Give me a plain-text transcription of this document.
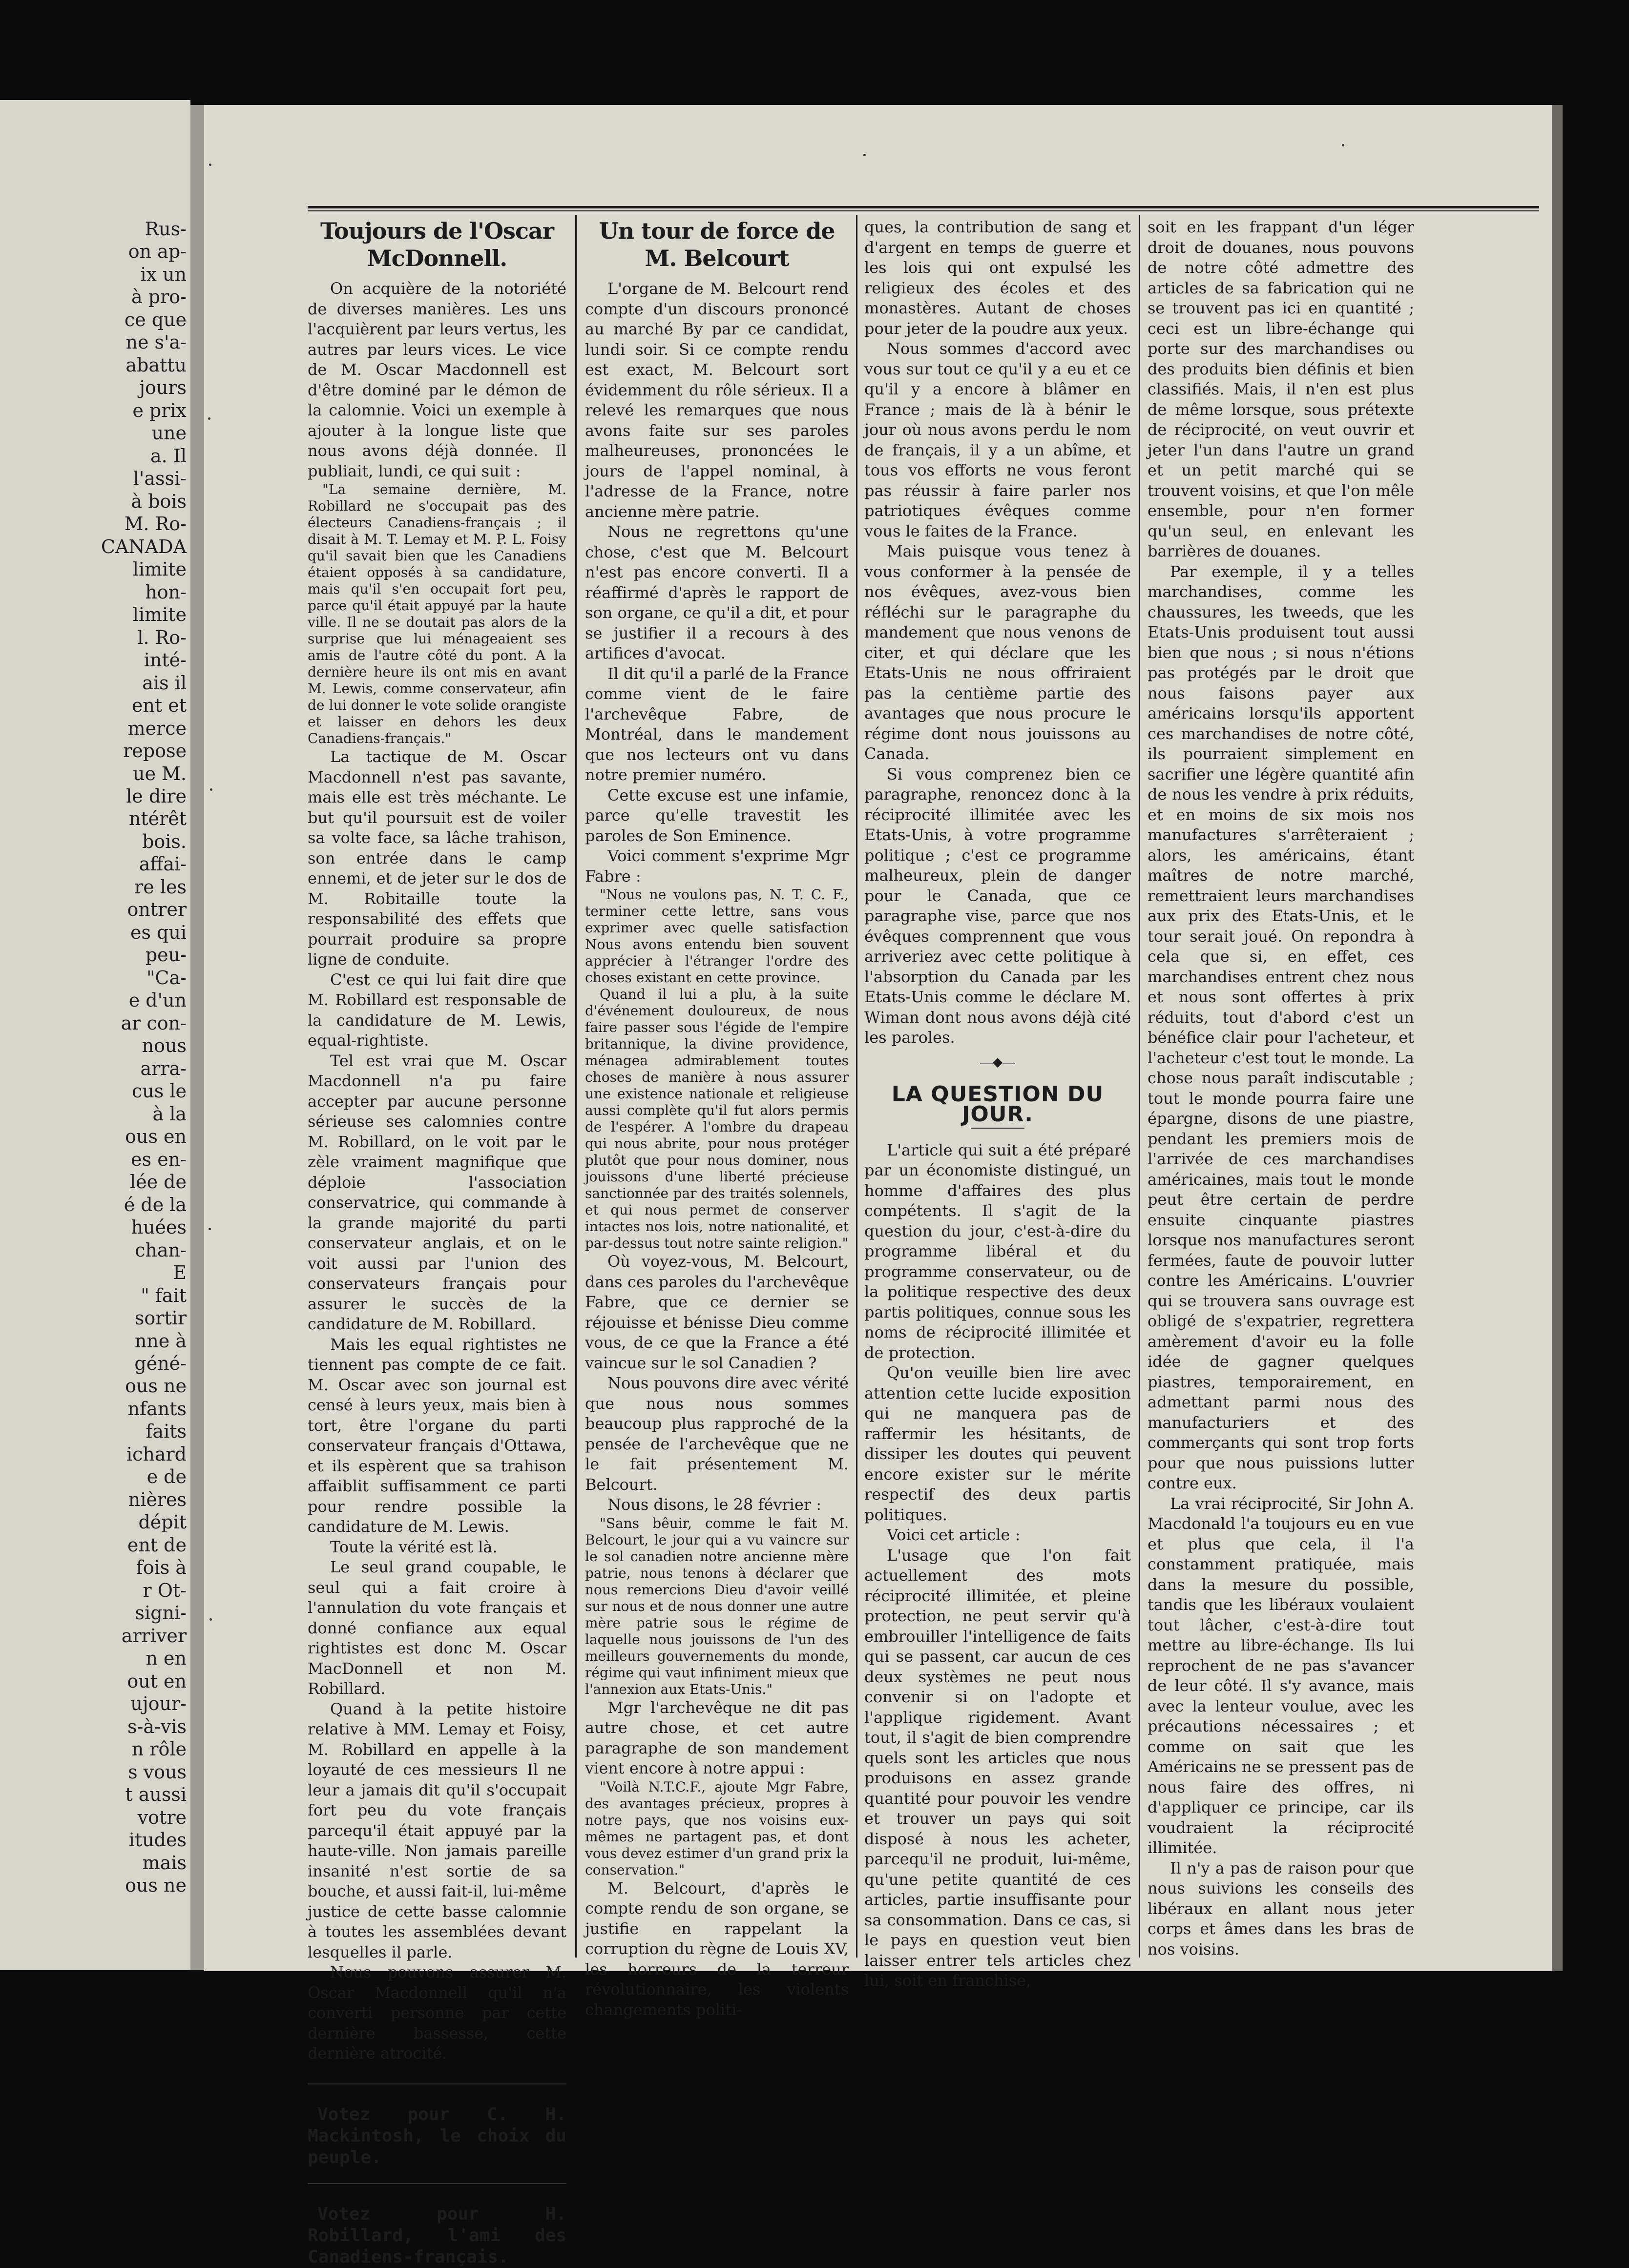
Rus-
on ap-
ix un
à pro-
ce que
ne s'a-
abattu
jours
e prix
une
a. Il
l'assi-
à bois
M. Ro-
CANADA
limite
hon-
limite
l. Ro-
inté-
ais il
ent et
merce
repose
ue M.
le dire
ntérêt
bois.
affai-
re les
ontrer
es qui
peu-
"Ca-
e d'un
ar con-
nous
arra-
cus le
à la
ous en
es en-
lée de
é de la
huées
chan-
E
" fait
sortir
nne à
géné-
ous ne
nfants
faits
ichard
e de
nières
dépit
ent de
fois à
r Ot-
signi-
arriver
n en
out en
ujour-
s-à-vis
n rôle
s vous
t aussi
votre
itudes
mais
ous ne
Toujours de l'Oscar McDonnell.

On acquière de la notoriété de diverses manières. Les uns l'acquièrent par leurs vertus, les autres par leurs vices. Le vice de M. Oscar Macdonnell est d'être dominé par le démon de la calomnie. Voici un exemple à ajouter à la longue liste que nous avons déjà donnée. Il publiait, lundi, ce qui suit :

"La semaine dernière, M. Robillard ne s'occupait pas des électeurs Canadiens-français ; il disait à M. T. Lemay et M. P. L. Foisy qu'il savait bien que les Canadiens étaient opposés à sa candidature, mais qu'il s'en occupait fort peu, parce qu'il était appuyé par la haute ville. Il ne se doutait pas alors de la surprise que lui ménageaient ses amis de l'autre côté du pont. A la dernière heure ils ont mis en avant M. Lewis, comme conservateur, afin de lui donner le vote solide orangiste et laisser en dehors les deux Canadiens-français."

La tactique de M. Oscar Macdonnell n'est pas savante, mais elle est très méchante. Le but qu'il poursuit est de voiler sa volte face, sa lâche trahison, son entrée dans le camp ennemi, et de jeter sur le dos de M. Robitaille toute la responsabilité des effets que pourrait produire sa propre ligne de conduite.

C'est ce qui lui fait dire que M. Robillard est responsable de la candidature de M. Lewis, equal-rightiste.

Tel est vrai que M. Oscar Macdonnell n'a pu faire accepter par aucune personne sérieuse ses calomnies contre M. Robillard, on le voit par le zèle vraiment magnifique que déploie l'association conservatrice, qui commande à la grande majorité du parti conservateur anglais, et on le voit aussi par l'union des conservateurs français pour assurer le succès de la candidature de M. Robillard.

Mais les equal rightistes ne tiennent pas compte de ce fait. M. Oscar avec son journal est censé à leurs yeux, mais bien à tort, être l'organe du parti conservateur français d'Ottawa, et ils espèrent que sa trahison affaiblit suffisamment ce parti pour rendre possible la candidature de M. Lewis.

Toute la vérité est là.

Le seul grand coupable, le seul qui a fait croire à l'annulation du vote français et donné confiance aux equal rightistes est donc M. Oscar MacDonnell et non M. Robillard.

Quand à la petite histoire relative à MM. Lemay et Foisy, M. Robillard en appelle à la loyauté de ces messieurs Il ne leur a jamais dit qu'il s'occupait fort peu du vote français parcequ'il était appuyé par la haute-ville. Non jamais pareille insanité n'est sortie de sa bouche, et aussi fait-il, lui-même justice de cette basse calomnie à toutes les assemblées devant lesquelles il parle.

Nous pouvons assurer M. Oscar Macdonnell qu'il n'a converti personne par cette dernière bassesse, cette dernière atrocité.

Votez pour C. H. Mackintosh, le choix du peuple.

Votez pour H. Robillard, l'ami des Canadiens-français.

Un tour de force de M. Belcourt

L'organe de M. Belcourt rend compte d'un discours prononcé au marché By par ce candidat, lundi soir. Si ce compte rendu est exact, M. Belcourt sort évidemment du rôle sérieux. Il a relevé les remarques que nous avons faite sur ses paroles malheureuses, prononcées le jours de l'appel nominal, à l'adresse de la France, notre ancienne mère patrie.

Nous ne regrettons qu'une chose, c'est que M. Belcourt n'est pas encore converti. Il a réaffirmé d'après le rapport de son organe, ce qu'il a dit, et pour se justifier il a recours à des artifices d'avocat.

Il dit qu'il a parlé de la France comme vient de le faire l'archevêque Fabre, de Montréal, dans le mandement que nos lecteurs ont vu dans notre premier numéro.

Cette excuse est une infamie, parce qu'elle travestit les paroles de Son Eminence.

Voici comment s'exprime Mgr Fabre :

"Nous ne voulons pas, N. T. C. F., terminer cette lettre, sans vous exprimer avec quelle satisfaction Nous avons entendu bien souvent apprécier à l'étranger l'ordre des choses existant en cette province.

Quand il lui a plu, à la suite d'événement douloureux, de nous faire passer sous l'égide de l'empire britannique, la divine providence, ménagea admirablement toutes choses de manière à nous assurer une existence nationale et religieuse aussi complète qu'il fut alors permis de l'espérer. A l'ombre du drapeau qui nous abrite, pour nous protéger plutôt que pour nous dominer, nous jouissons d'une liberté précieuse sanctionnée par des traités solennels, et qui nous permet de conserver intactes nos lois, notre nationalité, et par-dessus tout notre sainte religion."

Où voyez-vous, M. Belcourt, dans ces paroles du l'archevêque Fabre, que ce dernier se réjouisse et bénisse Dieu comme vous, de ce que la France a été vaincue sur le sol Canadien ?

Nous pouvons dire avec vérité que nous nous sommes beaucoup plus rapproché de la pensée de l'archevêque que ne le fait présentement M. Belcourt.

Nous disons, le 28 février :

"Sans bêuir, comme le fait M. Belcourt, le jour qui a vu vaincre sur le sol canadien notre ancienne mère patrie, nous tenons à déclarer que nous remercions Dieu d'avoir veillé sur nous et de nous donner une autre mère patrie sous le régime de laquelle nous jouissons de l'un des meilleurs gouvernements du monde, régime qui vaut infiniment mieux que l'annexion aux Etats-Unis."

Mgr l'archevêque ne dit pas autre chose, et cet autre paragraphe de son mandement vient encore à notre appui :

"Voilà N.T.C.F., ajoute Mgr Fabre, des avantages précieux, propres à notre pays, que nos voisins eux-mêmes ne partagent pas, et dont vous devez estimer d'un grand prix la conservation."

M. Belcourt, d'après le compte rendu de son organe, se justifie en rappelant la corruption du règne de Louis XV, les horreurs de la terreur révolutionnaire, les violents changements politi-

ques, la contribution de sang et d'argent en temps de guerre et les lois qui ont expulsé les religieux des écoles et des monastères. Autant de choses pour jeter de la poudre aux yeux.

Nous sommes d'accord avec vous sur tout ce qu'il y a eu et ce qu'il y a encore à blâmer en France ; mais de là à bénir le jour où nous avons perdu le nom de français, il y a un abîme, et tous vos efforts ne vous feront pas réussir à faire parler nos patriotiques évêques comme vous le faites de la France.

Mais puisque vous tenez à vous conformer à la pensée de nos évêques, avez-vous bien réfléchi sur le paragraphe du mandement que nous venons de citer, et qui déclare que les Etats-Unis ne nous offriraient pas la centième partie des avantages que nous procure le régime dont nous jouissons au Canada.

Si vous comprenez bien ce paragraphe, renoncez donc à la réciprocité illimitée avec les Etats-Unis, à votre programme politique ; c'est ce programme malheureux, plein de danger pour le Canada, que ce paragraphe vise, parce que nos évêques comprennent que vous arriveriez avec cette politique à l'absorption du Canada par les Etats-Unis comme le déclare M. Wiman dont nous avons déjà cité les paroles.

⎯⎯◆⎯⎯
LA QUESTION DU JOUR.

L'article qui suit a été préparé par un économiste distingué, un homme d'affaires des plus compétents. Il s'agit de la question du jour, c'est-à-dire du programme libéral et du programme conservateur, ou de la politique respective des deux partis politiques, connue sous les noms de réciprocité illimitée et de protection.

Qu'on veuille bien lire avec attention cette lucide exposition qui ne manquera pas de raffermir les hésitants, de dissiper les doutes qui peuvent encore exister sur le mérite respectif des deux partis politiques.

Voici cet article :

L'usage que l'on fait actuellement des mots réciprocité illimitée, et pleine protection, ne peut servir qu'à embrouiller l'intelligence de faits qui se passent, car aucun de ces deux systèmes ne peut nous convenir si on l'adopte et l'applique rigidement. Avant tout, il s'agit de bien comprendre quels sont les articles que nous produisons en assez grande quantité pour pouvoir les vendre et trouver un pays qui soit disposé à nous les acheter, parcequ'il ne produit, lui-même, qu'une petite quantité de ces articles, partie insuffisante pour sa consommation. Dans ce cas, si le pays en question veut bien laisser entrer tels articles chez lui, soit en franchise,

soit en les frappant d'un léger droit de douanes, nous pouvons de notre côté admettre des articles de sa fabrication qui ne se trouvent pas ici en quantité ; ceci est un libre-échange qui porte sur des marchandises ou des produits bien définis et bien classifiés. Mais, il n'en est plus de même lorsque, sous prétexte de réciprocité, on veut ouvrir et jeter l'un dans l'autre un grand et un petit marché qui se trouvent voisins, et que l'on mêle ensemble, pour n'en former qu'un seul, en enlevant les barrières de douanes.

Par exemple, il y a telles marchandises, comme les chaussures, les tweeds, que les Etats-Unis produisent tout aussi bien que nous ; si nous n'étions pas protégés par le droit que nous faisons payer aux américains lorsqu'ils apportent ces marchandises de notre côté, ils pourraient simplement en sacrifier une légère quantité afin de nous les vendre à prix réduits, et en moins de six mois nos manufactures s'arrêteraient ; alors, les américains, étant maîtres de notre marché, remettraient leurs marchandises aux prix des Etats-Unis, et le tour serait joué. On repondra à cela que si, en effet, ces marchandises entrent chez nous et nous sont offertes à prix réduits, tout d'abord c'est un bénéfice clair pour l'acheteur, et l'acheteur c'est tout le monde. La chose nous paraît indiscutable ; tout le monde pourra faire une épargne, disons de une piastre, pendant les premiers mois de l'arrivée de ces marchandises américaines, mais tout le monde peut être certain de perdre ensuite cinquante piastres lorsque nos manufactures seront fermées, faute de pouvoir lutter contre les Américains. L'ouvrier qui se trouvera sans ouvrage est obligé de s'expatrier, regrettera amèrement d'avoir eu la folle idée de gagner quelques piastres, temporairement, en admettant parmi nous des manufacturiers et des commerçants qui sont trop forts pour que nous puissions lutter contre eux.

La vrai réciprocité, Sir John A. Macdonald l'a toujours eu en vue et plus que cela, il l'a constamment pratiquée, mais dans la mesure du possible, tandis que les libéraux voulaient tout lâcher, c'est-à-dire tout mettre au libre-échange. Ils lui reprochent de ne pas s'avancer de leur côté. Il s'y avance, mais avec la lenteur voulue, avec les précautions nécessaires ; et comme on sait que les Américains ne se pressent pas de nous faire des offres, ni d'appliquer ce principe, car ils voudraient la réciprocité illimitée.

Il n'y a pas de raison pour que nous suivions les conseils des libéraux en allant nous jeter corps et âmes dans les bras de nos voisins.
